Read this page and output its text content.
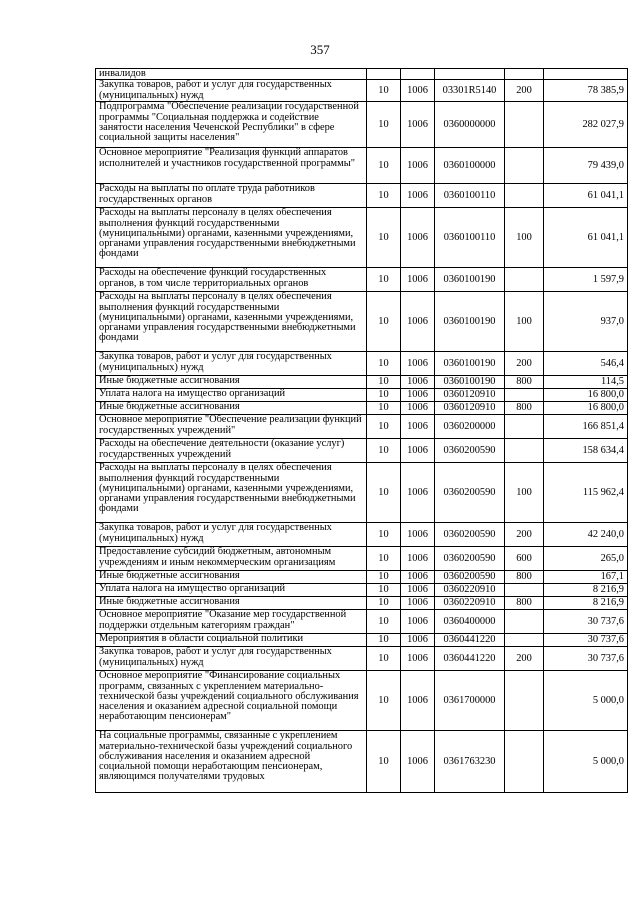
357
инвалидов					
Закупка товаров, работ и услуг для государственных (муниципальных) нужд	10	1006	03301R5140	200	78 385,9
Подпрограмма "Обеспечение реализации государственной программы "Социальная поддержка и содействие занятости населения Чеченской Республики" в сфере социальной защиты населения"	10	1006	0360000000		282 027,9
Основное мероприятие "Реализация функций аппаратов исполнителей и участников государственной программы"	10	1006	0360100000		79 439,0
Расходы на выплаты по оплате труда работников государственных органов	10	1006	0360100110		61 041,1
Расходы на выплаты персоналу в целях обеспечения выполнения функций государственными (муниципальными) органами, казенными учреждениями, органами управления государственными внебюджетными фондами	10	1006	0360100110	100	61 041,1
Расходы на обеспечение функций государственных органов, в том числе территориальных органов	10	1006	0360100190		1 597,9
Расходы на выплаты персоналу в целях обеспечения выполнения функций государственными (муниципальными) органами, казенными учреждениями, органами управления государственными внебюджетными фондами	10	1006	0360100190	100	937,0
Закупка товаров, работ и услуг для государственных (муниципальных) нужд	10	1006	0360100190	200	546,4
Иные бюджетные ассигнования	10	1006	0360100190	800	114,5
Уплата налога на имущество организаций	10	1006	0360120910		16 800,0
Иные бюджетные ассигнования	10	1006	0360120910	800	16 800,0
Основное мероприятие "Обеспечение реализации функций государственных учреждений"	10	1006	0360200000		166 851,4
Расходы на обеспечение деятельности (оказание услуг) государственных учреждений	10	1006	0360200590		158 634,4
Расходы на выплаты персоналу в целях обеспечения выполнения функций государственными (муниципальными) органами, казенными учреждениями, органами управления государственными внебюджетными фондами	10	1006	0360200590	100	115 962,4
Закупка товаров, работ и услуг для государственных (муниципальных) нужд	10	1006	0360200590	200	42 240,0
Предоставление субсидий бюджетным, автономным учреждениям и иным некоммерческим организациям	10	1006	0360200590	600	265,0
Иные бюджетные ассигнования	10	1006	0360200590	800	167,1
Уплата налога на имущество организаций	10	1006	0360220910		8 216,9
Иные бюджетные ассигнования	10	1006	0360220910	800	8 216,9
Основное мероприятие "Оказание мер государственной поддержки отдельным категориям граждан"	10	1006	0360400000		30 737,6
Мероприятия в области социальной политики	10	1006	0360441220		30 737,6
Закупка товаров, работ и услуг для государственных (муниципальных) нужд	10	1006	0360441220	200	30 737,6
Основное мероприятие "Финансирование социальных программ, связанных с укреплением материально-технической базы учреждений социального обслуживания населения и оказанием адресной социальной помощи неработающим пенсионерам"	10	1006	0361700000		5 000,0
На социальные программы, связанные с укреплением материально-технической базы учреждений социального обслуживания населения и оказанием адресной социальной помощи неработающим пенсионерам, являющимся получателями трудовых	10	1006	0361763230		5 000,0
